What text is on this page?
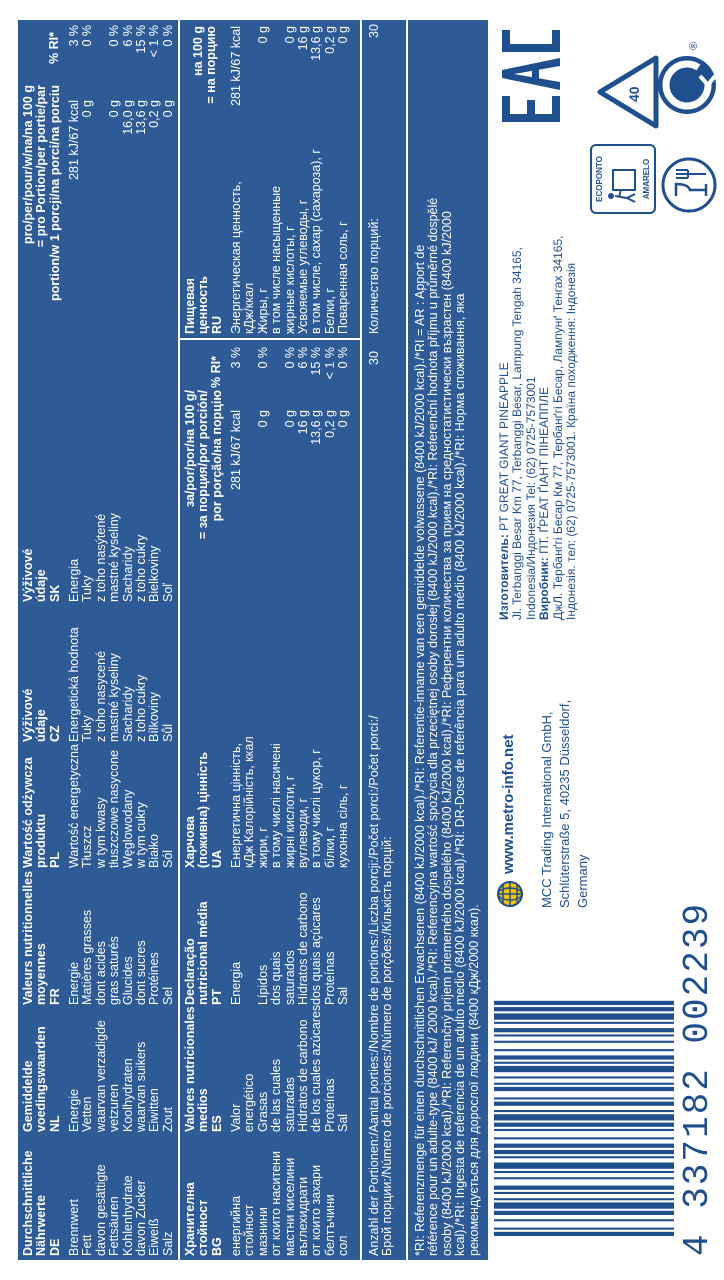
Durchschnittliche Nährwerte DE Brennwert Fett davon gesättigte Fettsäuren Kohlenhydrate davon Zucker Eiweiß Salz
Gemiddelde voedingswaarden NL Energie Vetten waarvan verzadigde vetzuren Koolhydraten waarvan suikers Eiwitten Zout
Valeurs nutritionnelles moyennes FR Energie Matières grasses dont acides gras saturés Glucides dont sucres Protéines Sel
Wartość odżywcza produktu PL Wartość energetyczna Tłuszcz w tym kwasy tłuszczowe nasycone Węglowodany w tym cukry Białko Sól
Výživové údaje CZ Energetická hodnota Tuky z toho nasycené mastné kyseliny Sacharidy z toho cukry Bílkoviny Sůl
Výživové údaje SK Energia Tuky z toho nasýtené mastné kyseliny Sacharidy z toho cukry Bielkoviny Soľ
pro/per/pour/w/na/na 100 g = pro Portion/per portie/par portion/w 1 porcji/na porci/na porciu
% RI*
281 kJ/67 kcal 0 g
0 g 16,0 g 13,6 g 0,2 g 0 g
3 % 0 %
0 % 6 % 15 % < 1 % 0 %
Хранителна стойност BG енергийна стойност мазнини от които наситени мастни киселини въглехидрати от които захари белтъчини сол
Valores nutricionales medios ES Valor energético Grasas de las cuales saturadas Hidratos de carbono de los cuales azúcares Proteínas Sal
Declaração nutricional média PT Energia
Lípidos dos quais saturados Hidratos de carbono dos quais açúcares Proteínas Sal
Харчова (поживна) цінність UA Енергетична цінність, кДж Калорійність, ккал жири, г в тому числі насичені жирні кислоти, г вуглеводи, г в тому числі цукор, г білки, г кухонна сіль, г
за/por/por/на 100 g/ = за порция/por porción/ por porção/на порцію
% RI*
281 kJ/67 kcal
0 g
0 g 16 g 13,6 g 0,2 g 0 g
3 %
0 %
0 % 6 % 15 % < 1 % 0 %
Пищевая ценность RU
на 100 g = на порцию
Энергетическая ценность, кДж/ккал Жиры, г в том числе насыщенные жирные кислоты, г Усвояемые углеводы, г в том числе, сахар (сахароза), г Белки, г Поваренная соль, г
281 kJ/67 kcal
0 g
0 g 16 g 13,6 g 0,2 g 0 g
Anzahl der Portionen:/Aantal porties:/Nombre de portions:/Liczba porcji:/Počet porcí:/Počet porcí:/ Брой порции:/Número de porciones:/Número de porções:/Кількість порцій:
30
Количество порций:
30
*RI: Referenzmenge für einen durchschnittlichen Erwachsenen (8400 kJ/2000 kcal)./*RI: Referentie-inname van een gemiddelde volwassene (8400 kJ/2000 kcal)./*RI = AR : Apport de référence pour un adulte-type (8400 kJ/ 2000 kcal)./*RI: Referencyjna wartość spożycia dla przeciętnej osoby dorosłej (8400 kJ/2000 kcal)./*RI: Referenční hodnota příjmu u průměrné dospělé osoby (8400 kJ/2000 kcal)./*RI: Referenčný príjem priemerného dospelého (8400 kJ/2000 kcal)./*RI: Референтни количества за прием на средностатистически възрастен (8400 kJ/2000 kcal)./*RI: Ingesta de referencia de un adulto medio (8400 kJ/2000 kcal)./*RI: DR-Dose de referência para um adulto médio (8400 kJ/2000 kcal)./*RI: Норма споживання, яка рекомендується для дорослої людини (8400 кДж/2000 ккал).	4 337182 002239
www.metro-info.net MCC Trading International GmbH, Schlüterstraße 5, 40235 Düsseldorf, Germany
Изготовитель: PT GREAT GIANT PINEAPPLE Jl. Terbanggi Besar Km 77, Terbanggi Besar, Lampung Tengah 34165, Indonesia/Индонезия Tel: (62) 0725-7573001 Виробник: ПТ. ҐРЕАТ ҐІАНТ ПІНЕАППЛЕ ДжЛ. Тербанґгі Бесар Км 77, Тербанґгі Бесар, Лампунґ Тенгах 34165, Індонезія. тел: (62) 0725-7573001. Країна походження: Індонезія
ECOPONTO	AMARELO
40
®
